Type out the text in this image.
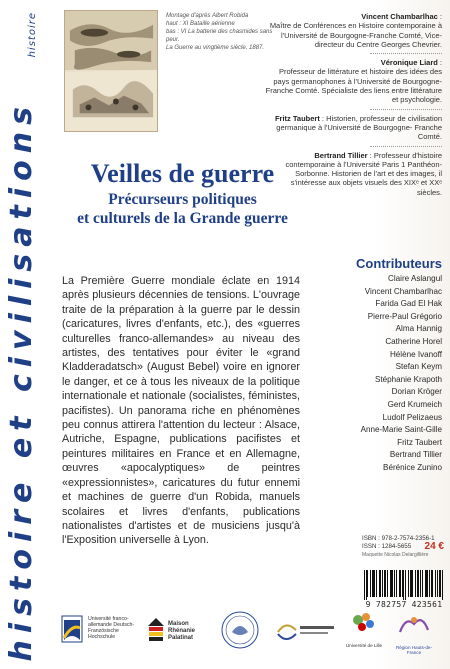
histoire et civilisations
histoire	Montage d'après Albert Robida
haut : XI Bataille aérienne
bas : VI La batterie des chasmides sans peur.
La Guerre au vingtième siècle, 1887.
Vincent Chambarlhac :
Maître de Conférences en Histoire contemporaine à l'Université de Bourgogne-Franche Comté, Vice-directeur du Centre Georges Chevrier.
Véronique Liard :
Professeur de littérature et histoire des idées des pays germanophones à l'Université de Bourgogne-Franche Comté. Spécialiste des liens entre littérature et psychologie.
Fritz Taubert : Historien, professeur de civilisation germanique à l'Université de Bourgogne- Franche Comté.
Bertrand Tillier : Professeur d'histoire contemporaine à l'Université Paris 1 Panthéon-Sorbonne. Historien de l'art et des images, il s'intéresse aux objets visuels des XIXᵉ et XXᵉ siècles.
Veilles de guerre
Précurseurs politiques
et culturels de la Grande guerre
La Première Guerre mondiale éclate en 1914 après plusieurs décennies de tensions. L'ouvrage traite de la préparation à la guerre par le dessin (caricatures, livres d'enfants, etc.), des «guerres culturelles franco-allemandes» au niveau des artistes, des tentatives pour éviter le «grand Kladderadatsch» (August Bebel) voire en ignorer le danger, et ce à tous les niveaux de la politique internationale et nationale (socialistes, féministes, pacifistes). Un panorama riche en phénomènes peu connus attirera l'attention du lecteur : Alsace, Autriche, Espagne, publications pacifistes et peintures militaires en France et en Allemagne, œuvres «apocalyptiques» de peintres «expressionnistes», caricatures du futur ennemi et machines de guerre d'un Robida, manuels scolaires et livres d'enfants, publications nationalistes d'artistes et de musiciens jusqu'à l'Exposition universelle à Lyon.
Contributeurs
Claire Aslangul
Vincent Chambarlhac
Farida Gad El Hak
Pierre-Paul Grégorio
Alma Hannig
Catherine Horel
Hélène Ivanoff
Stefan Keym
Stéphanie Krapoth
Dorian Kröger
Gerd Krumeich
Ludolf Pelizaeus
Anne-Marie Saint-Gille
Fritz Taubert
Bertrand Tillier
Bérénice Zunino
ISBN : 978-2-7574-2356-1
ISSN : 1284-5655 24 €
Maquette Nicolas Delargillière
9 782757 423561
Université franco-allemande Deutsch-Französische Hochschule
Maison Rhénanie Palatinat
Université de Lille	Région Hauts-de-France
